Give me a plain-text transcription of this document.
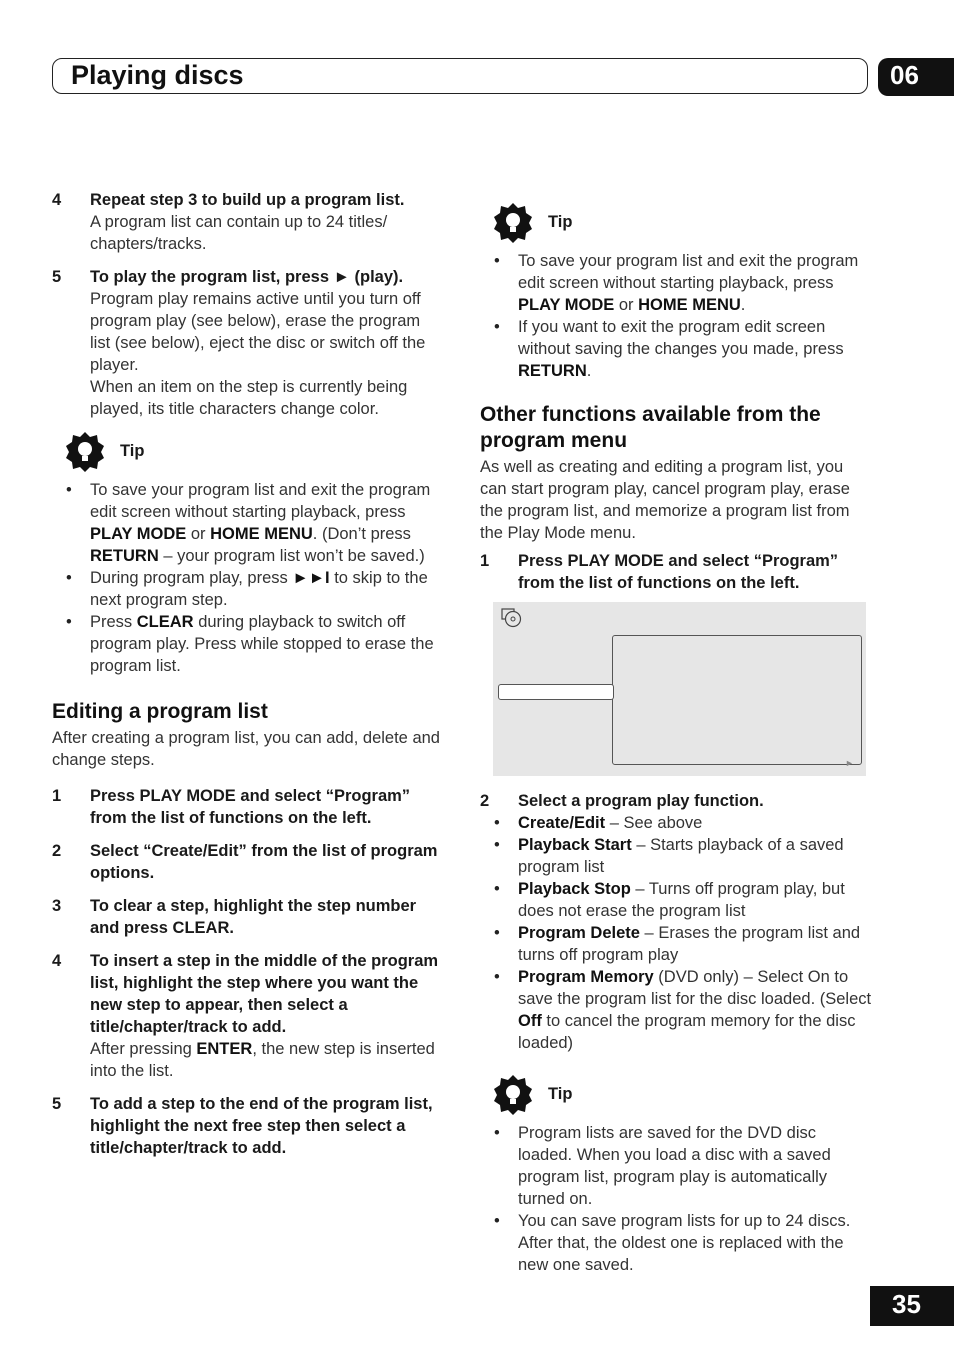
Playing discs	06
4 Repeat step 3 to build up a program list.
A program list can contain up to 24 titles/ chapters/tracks.
5 To play the program list, press ► (play).
Program play remains active until you turn off program play (see below), erase the program list (see below), eject the disc or switch off the player.
When an item on the step is currently being played, its title characters change color.
Tip
• To save your program list and exit the program edit screen without starting playback, press PLAY MODE or HOME MENU. (Don’t press RETURN – your program list won’t be saved.)
• During program play, press ►►I to skip to the next program step.
• Press CLEAR during playback to switch off program play. Press while stopped to erase the program list.
Editing a program list
After creating a program list, you can add, delete and change steps.
1 Press PLAY MODE and select “Program” from the list of functions on the left.
2 Select “Create/Edit” from the list of program options.
3 To clear a step, highlight the step number and press CLEAR.
4 To insert a step in the middle of the program list, highlight the step where you want the new step to appear, then select a title/chapter/track to add.
After pressing ENTER, the new step is inserted into the list.
5 To add a step to the end of the program list, highlight the next free step then select a title/chapter/track to add.
Tip
• To save your program list and exit the program edit screen without starting playback, press PLAY MODE or HOME MENU.
• If you want to exit the program edit screen without saving the changes you made, press RETURN.
Other functions available from the program menu
As well as creating and editing a program list, you can start program play, cancel program play, erase the program list, and memorize a program list from the Play Mode menu.
1 Press PLAY MODE and select “Program” from the list of functions on the left.
►
2 Select a program play function.
• Create/Edit – See above
• Playback Start – Starts playback of a saved program list
• Playback Stop – Turns off program play, but does not erase the program list
• Program Delete – Erases the program list and turns off program play
• Program Memory (DVD only) – Select On to save the program list for the disc loaded. (Select Off to cancel the program memory for the disc loaded)
Tip
• Program lists are saved for the DVD disc loaded. When you load a disc with a saved program list, program play is automatically turned on.
• You can save program lists for up to 24 discs. After that, the oldest one is replaced with the new one saved.
35
